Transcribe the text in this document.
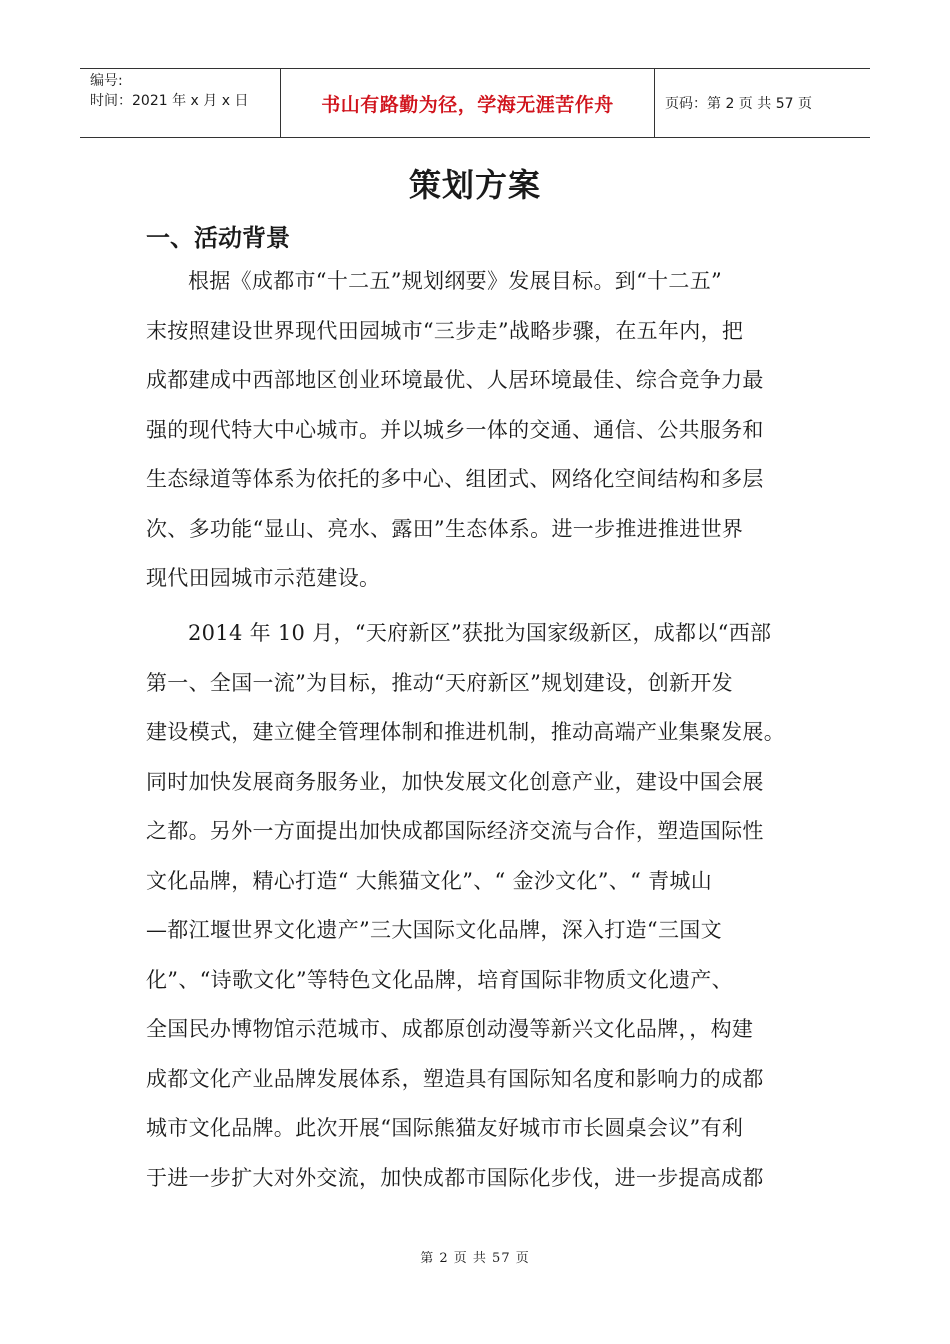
编号:
时间：2021 年 x 月 x 日	书山有路勤为径，学海无涯苦作舟	页码：第 2 页 共 57 页
策划方案
一、活动背景
根据《成都市“十二五”规划纲要》发展目标。到“十二五”
末按照建设世界现代田园城市“三步走”战略步骤，在五年内，把
成都建成中西部地区创业环境最优、人居环境最佳、综合竞争力最
强的现代特大中心城市。并以城乡一体的交通、通信、公共服务和
生态绿道等体系为依托的多中心、组团式、网络化空间结构和多层
次、多功能“显山、亮水、露田”生态体系。进一步推进推进世界
现代田园城市示范建设。
2014 年 10 月，“天府新区”获批为国家级新区，成都以“西部
第一、全国一流”为目标，推动“天府新区”规划建设，创新开发
建设模式，建立健全管理体制和推进机制，推动高端产业集聚发展。
同时加快发展商务服务业，加快发展文化创意产业，建设中国会展
之都。另外一方面提出加快成都国际经济交流与合作，塑造国际性
文化品牌，精心打造“ 大熊猫文化”、“ 金沙文化”、“ 青城山
—都江堰世界文化遗产”三大国际文化品牌，深入打造“三国文
化”、“诗歌文化”等特色文化品牌，培育国际非物质文化遗产、
全国民办博物馆示范城市、成都原创动漫等新兴文化品牌，，构建
成都文化产业品牌发展体系，塑造具有国际知名度和影响力的成都
城市文化品牌。此次开展“国际熊猫友好城市市长圆桌会议”有利
于进一步扩大对外交流，加快成都市国际化步伐，进一步提高成都
第 2 页 共 57 页
